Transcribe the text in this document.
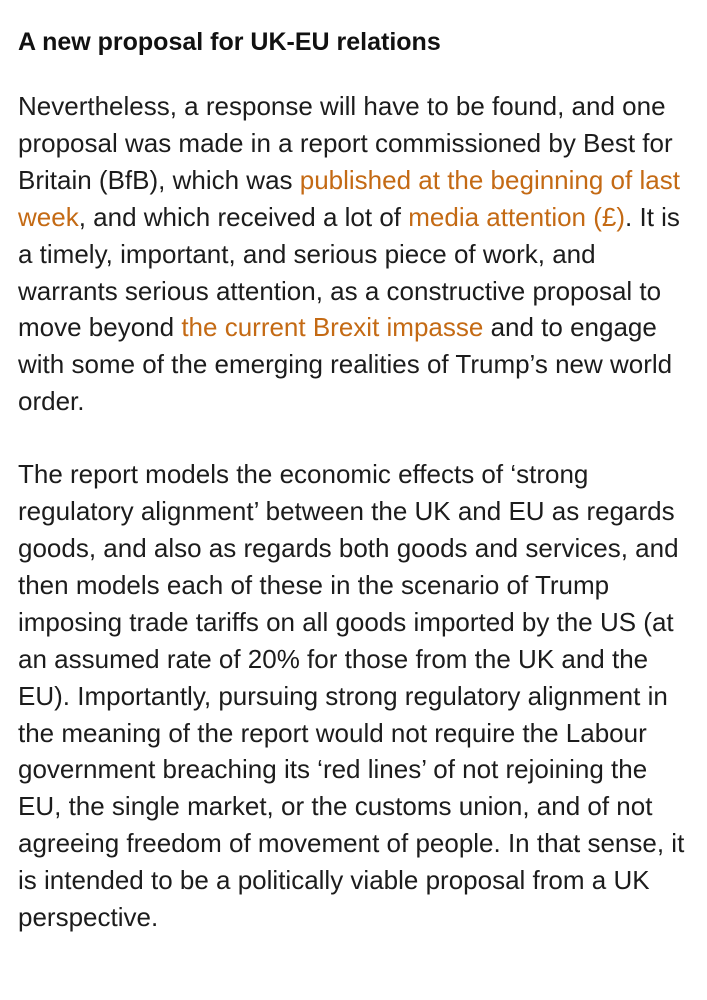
A new proposal for UK-EU relations

Nevertheless, a response will have to be found, and one proposal was made in a report commissioned by Best for Britain (BfB), which was published at the beginning of last week, and which received a lot of media attention (£). It is a timely, important, and serious piece of work, and warrants serious attention, as a constructive proposal to move beyond the current Brexit impasse and to engage with some of the emerging realities of Trump’s new world order.

The report models the economic effects of ‘strong regulatory alignment’ between the UK and EU as regards goods, and also as regards both goods and services, and then models each of these in the scenario of Trump imposing trade tariffs on all goods imported by the US (at an assumed rate of 20% for those from the UK and the EU). Importantly, pursuing strong regulatory alignment in the meaning of the report would not require the Labour government breaching its ‘red lines’ of not rejoining the EU, the single market, or the customs union, and of not agreeing freedom of movement of people. In that sense, it is intended to be a politically viable proposal from a UK perspective.
